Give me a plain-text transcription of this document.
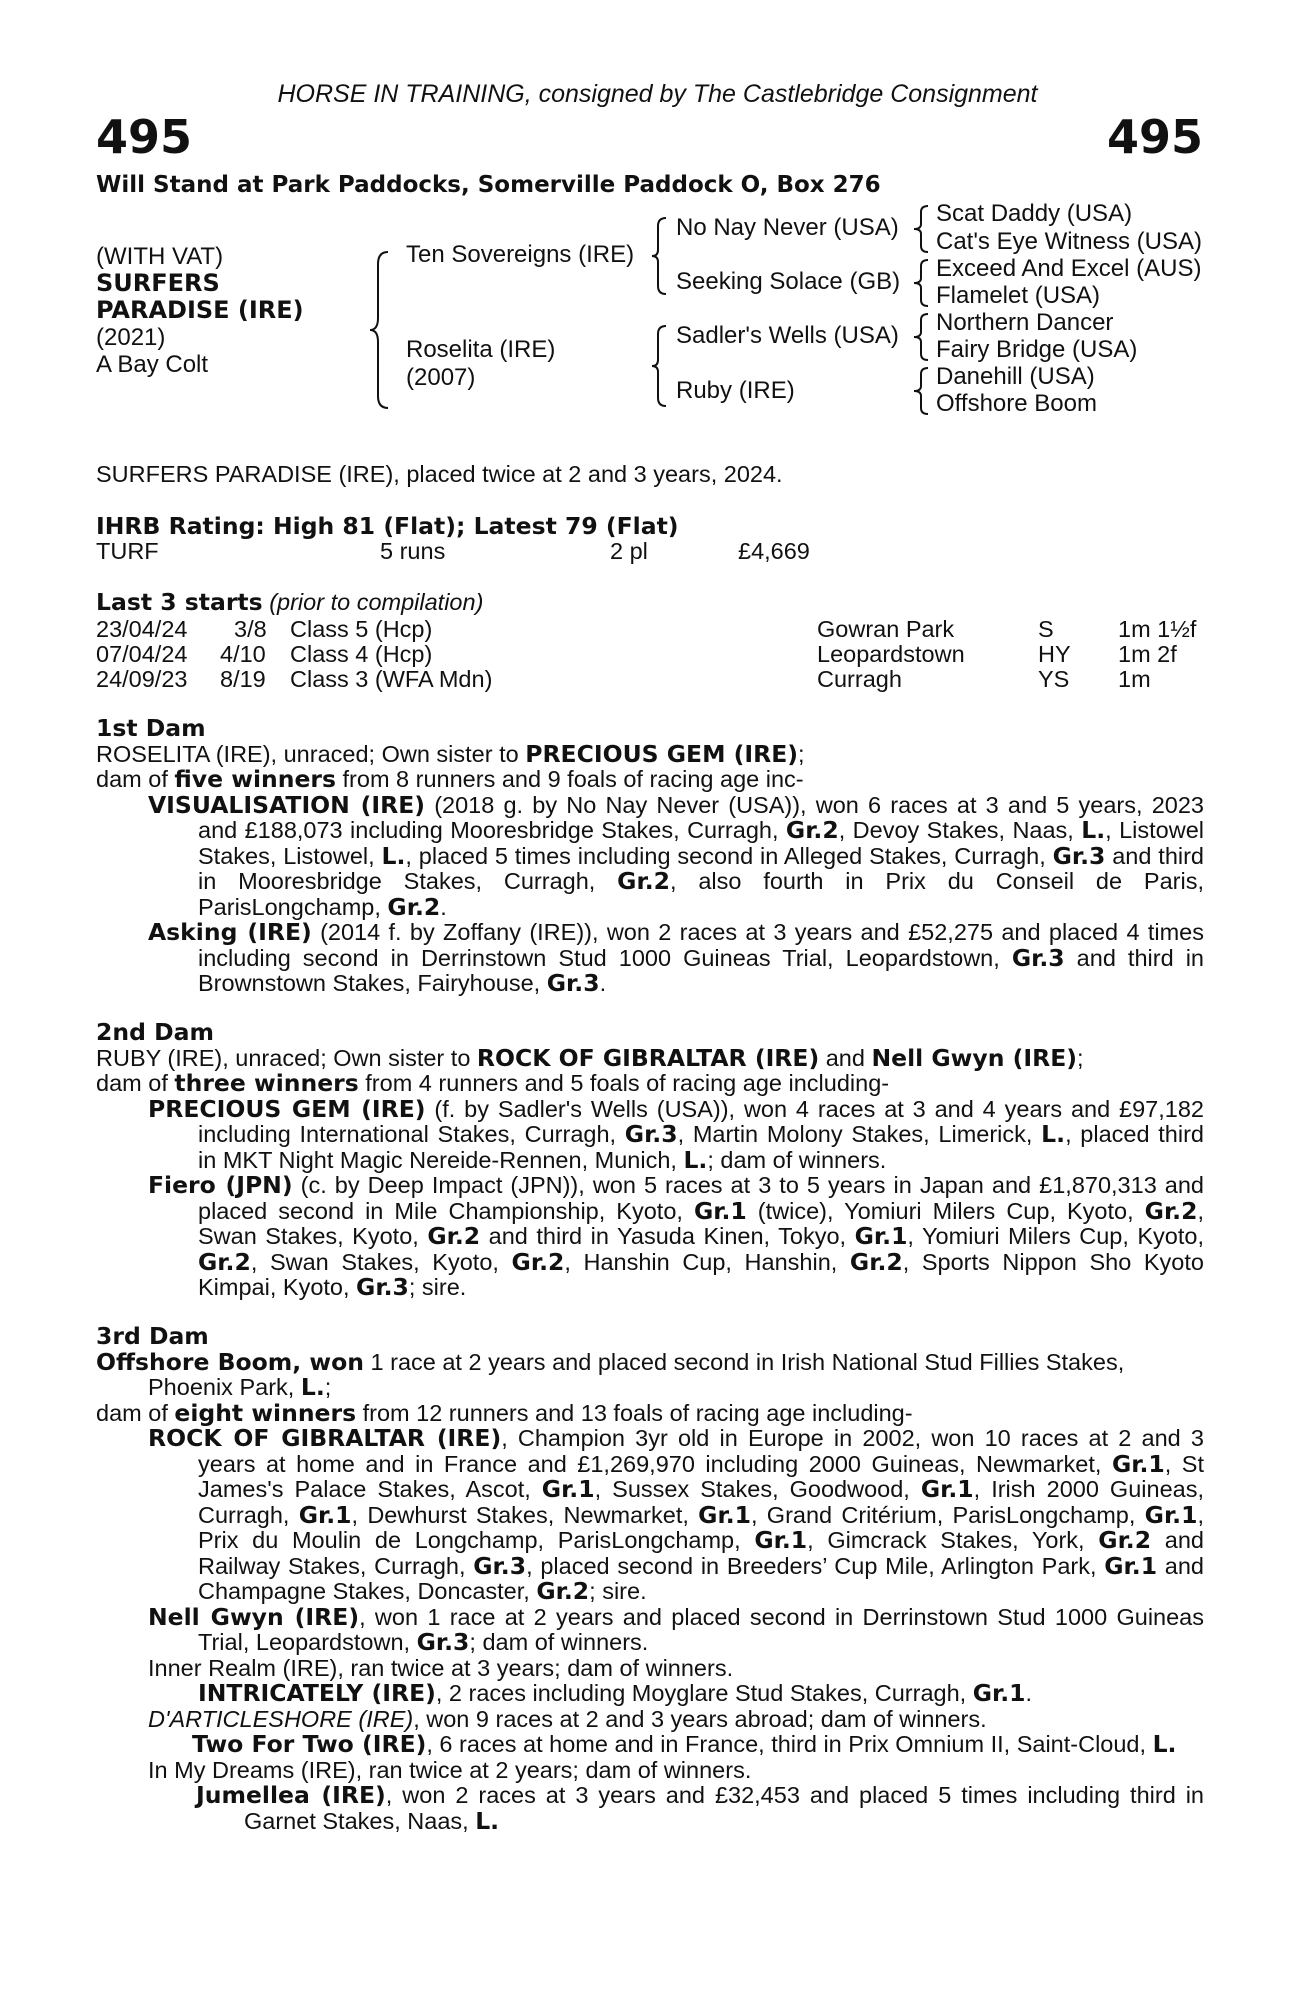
HORSE IN TRAINING, consigned by The Castlebridge Consignment
495	495
Will Stand at Park Paddocks, Somerville Paddock O, Box 276
(WITH VAT)
SURFERS
PARADISE (IRE)
(2021)
A Bay Colt
Ten Sovereigns (IRE)
Roselita (IRE)
(2007)
No Nay Never (USA)
Seeking Solace (GB)
Sadler's Wells (USA)
Ruby (IRE)
Scat Daddy (USA)
Cat's Eye Witness (USA)
Exceed And Excel (AUS)
Flamelet (USA)
Northern Dancer
Fairy Bridge (USA)
Danehill (USA)
Offshore Boom
SURFERS PARADISE (IRE), placed twice at 2 and 3 years, 2024.
IHRB Rating: High 81 (Flat); Latest 79 (Flat)
TURF	5 runs	2 pl	£4,669
Last 3 starts (prior to compilation)
23/04/24 3/8 Class 5 (Hcp)	Gowran Park	S	1m 1½f
07/04/24 4/10 Class 4 (Hcp)	Leopardstown	HY 1m 2f
24/09/23 8/19 Class 3 (WFA Mdn)	Curragh	YS 1m

1st Dam

ROSELITA (IRE), unraced; Own sister to PRECIOUS GEM (IRE);

dam of five winners from 8 runners and 9 foals of racing age inc-

VISUALISATION (IRE) (2018 g. by No Nay Never (USA)), won 6 races at 3 and 5 years, 2023 and £188,073 including Mooresbridge Stakes, Curragh, Gr.2, Devoy Stakes, Naas, L., Listowel Stakes, Listowel, L., placed 5 times including second in Alleged Stakes, Curragh, Gr.3 and third in Mooresbridge Stakes, Curragh, Gr.2, also fourth in Prix du Conseil de Paris, ParisLongchamp, Gr.2.

Asking (IRE) (2014 f. by Zoffany (IRE)), won 2 races at 3 years and £52,275 and placed 4 times including second in Derrinstown Stud 1000 Guineas Trial, Leopardstown, Gr.3 and third in Brownstown Stakes, Fairyhouse, Gr.3.

2nd Dam

RUBY (IRE), unraced; Own sister to ROCK OF GIBRALTAR (IRE) and Nell Gwyn (IRE);

dam of three winners from 4 runners and 5 foals of racing age including-

PRECIOUS GEM (IRE) (f. by Sadler's Wells (USA)), won 4 races at 3 and 4 years and £97,182 including International Stakes, Curragh, Gr.3, Martin Molony Stakes, Limerick, L., placed third in MKT Night Magic Nereide-Rennen, Munich, L.; dam of winners.

Fiero (JPN) (c. by Deep Impact (JPN)), won 5 races at 3 to 5 years in Japan and £1,870,313 and placed second in Mile Championship, Kyoto, Gr.1 (twice), Yomiuri Milers Cup, Kyoto, Gr.2, Swan Stakes, Kyoto, Gr.2 and third in Yasuda Kinen, Tokyo, Gr.1, Yomiuri Milers Cup, Kyoto, Gr.2, Swan Stakes, Kyoto, Gr.2, Hanshin Cup, Hanshin, Gr.2, Sports Nippon Sho Kyoto Kimpai, Kyoto, Gr.3; sire.

3rd Dam

Offshore Boom, won 1 race at 2 years and placed second in Irish National Stud Fillies Stakes, Phoenix Park, L.;

dam of eight winners from 12 runners and 13 foals of racing age including-

ROCK OF GIBRALTAR (IRE), Champion 3yr old in Europe in 2002, won 10 races at 2 and 3 years at home and in France and £1,269,970 including 2000 Guineas, Newmarket, Gr.1, St James's Palace Stakes, Ascot, Gr.1, Sussex Stakes, Goodwood, Gr.1, Irish 2000 Guineas, Curragh, Gr.1, Dewhurst Stakes, Newmarket, Gr.1, Grand Critérium, ParisLongchamp, Gr.1, Prix du Moulin de Longchamp, ParisLongchamp, Gr.1, Gimcrack Stakes, York, Gr.2 and Railway Stakes, Curragh, Gr.3, placed second in Breeders’ Cup Mile, Arlington Park, Gr.1 and Champagne Stakes, Doncaster, Gr.2; sire.

Nell Gwyn (IRE), won 1 race at 2 years and placed second in Derrinstown Stud 1000 Guineas Trial, Leopardstown, Gr.3; dam of winners.

Inner Realm (IRE), ran twice at 3 years; dam of winners.

INTRICATELY (IRE), 2 races including Moyglare Stud Stakes, Curragh, Gr.1.

D'ARTICLESHORE (IRE), won 9 races at 2 and 3 years abroad; dam of winners.

Two For Two (IRE), 6 races at home and in France, third in Prix Omnium II, Saint-Cloud, L.

In My Dreams (IRE), ran twice at 2 years; dam of winners.

Jumellea (IRE), won 2 races at 3 years and £32,453 and placed 5 times including third in Garnet Stakes, Naas, L.
